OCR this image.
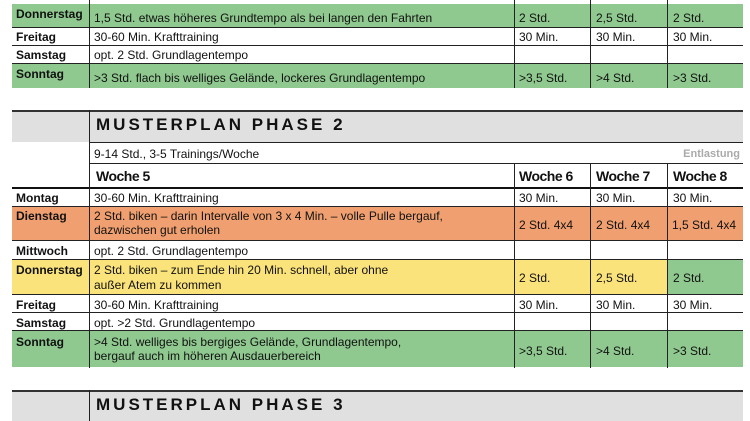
Donnerstag 1,5 Std. etwas höheres Grundtempo als bei langen den Fahrten	2 Std.	2,5 Std.	2 Std.
Freitag	30-60 Min. Krafttraining	30 Min.	30 Min.	30 Min.
Samstag	opt. 2 Std. Grundlagentempo
Sonntag	>3 Std. flach bis welliges Gelände, lockeres Grundlagentempo	>3,5 Std.	>4 Std.	>3 Std.
MUSTERPLAN PHASE 2
9-14 Std., 3-5 Trainings/Woche	Entlastung
Woche 5	Woche 6	Woche 7	Woche 8
Montag	30-60 Min. Krafttraining	30 Min.	30 Min.	30 Min.
Dienstag	2 Std. biken – darin Intervalle von 3 x 4 Min. – volle Pulle bergauf,
dazwischen gut erholen	2 Std. 4x4	2 Std. 4x4	1,5 Std. 4x4
Mittwoch	opt. 2 Std. Grundlagentempo
Donnerstag 2 Std. biken – zum Ende hin 20 Min. schnell, aber ohne
außer Atem zu kommen	2 Std.	2,5 Std.	2 Std.
Freitag	30-60 Min. Krafttraining	30 Min.	30 Min.	30 Min.
Samstag	opt. >2 Std. Grundlagentempo
Sonntag	>4 Std. welliges bis bergiges Gelände, Grundlagentempo,
bergauf auch im höheren Ausdauerbereich	>3,5 Std.	>4 Std.	>3 Std.
MUSTERPLAN PHASE 3
